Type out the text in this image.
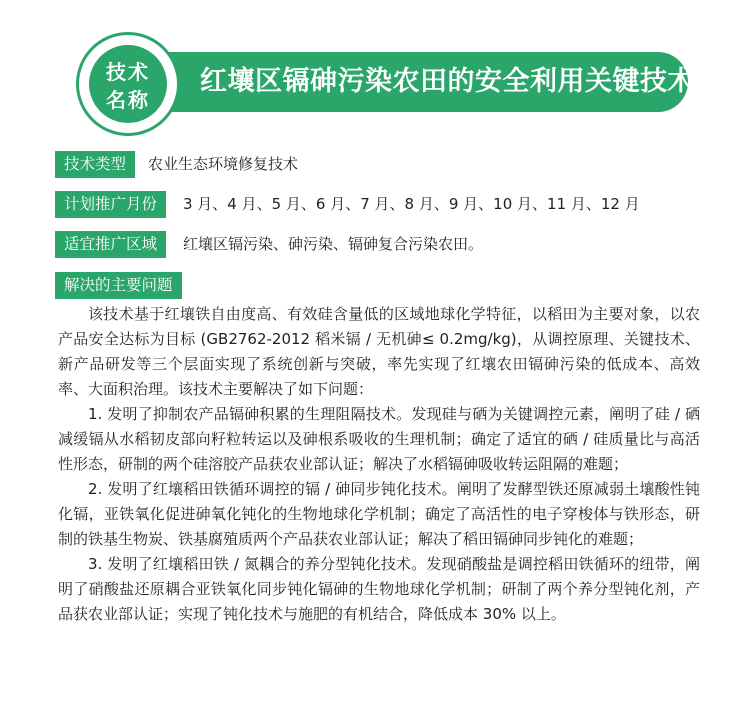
红壤区镉砷污染农田的安全利用关键技术
技术
名称
技术类型	农业生态环境修复技术
计划推广月份	3 月、4 月、5 月、6 月、7 月、8 月、9 月、10 月、11 月、12 月
适宜推广区域	红壤区镉污染、砷污染、镉砷复合污染农田。
解决的主要问题

该技术基于红壤铁自由度高、有效硅含量低的区域地球化学特征，以稻田为主要对象，以农产品安全达标为目标 (GB2762-2012 稻米镉 / 无机砷≤ 0.2mg/kg)，从调控原理、关键技术、新产品研发等三个层面实现了系统创新与突破，率先实现了红壤农田镉砷污染的低成本、高效率、大面积治理。该技术主要解决了如下问题：

1. 发明了抑制农产品镉砷积累的生理阻隔技术。发现硅与硒为关键调控元素，阐明了硅 / 硒减缓镉从水稻韧皮部向籽粒转运以及砷根系吸收的生理机制；确定了适宜的硒 / 硅质量比与高活性形态，研制的两个硅溶胶产品获农业部认证；解决了水稻镉砷吸收转运阻隔的难题；

2. 发明了红壤稻田铁循环调控的镉 / 砷同步钝化技术。阐明了发酵型铁还原减弱土壤酸性钝化镉，亚铁氧化促进砷氧化钝化的生物地球化学机制；确定了高活性的电子穿梭体与铁形态，研制的铁基生物炭、铁基腐殖质两个产品获农业部认证；解决了稻田镉砷同步钝化的难题；

3. 发明了红壤稻田铁 / 氮耦合的养分型钝化技术。发现硝酸盐是调控稻田铁循环的纽带，阐明了硝酸盐还原耦合亚铁氧化同步钝化镉砷的生物地球化学机制；研制了两个养分型钝化剂，产品获农业部认证；实现了钝化技术与施肥的有机结合，降低成本 30% 以上。
